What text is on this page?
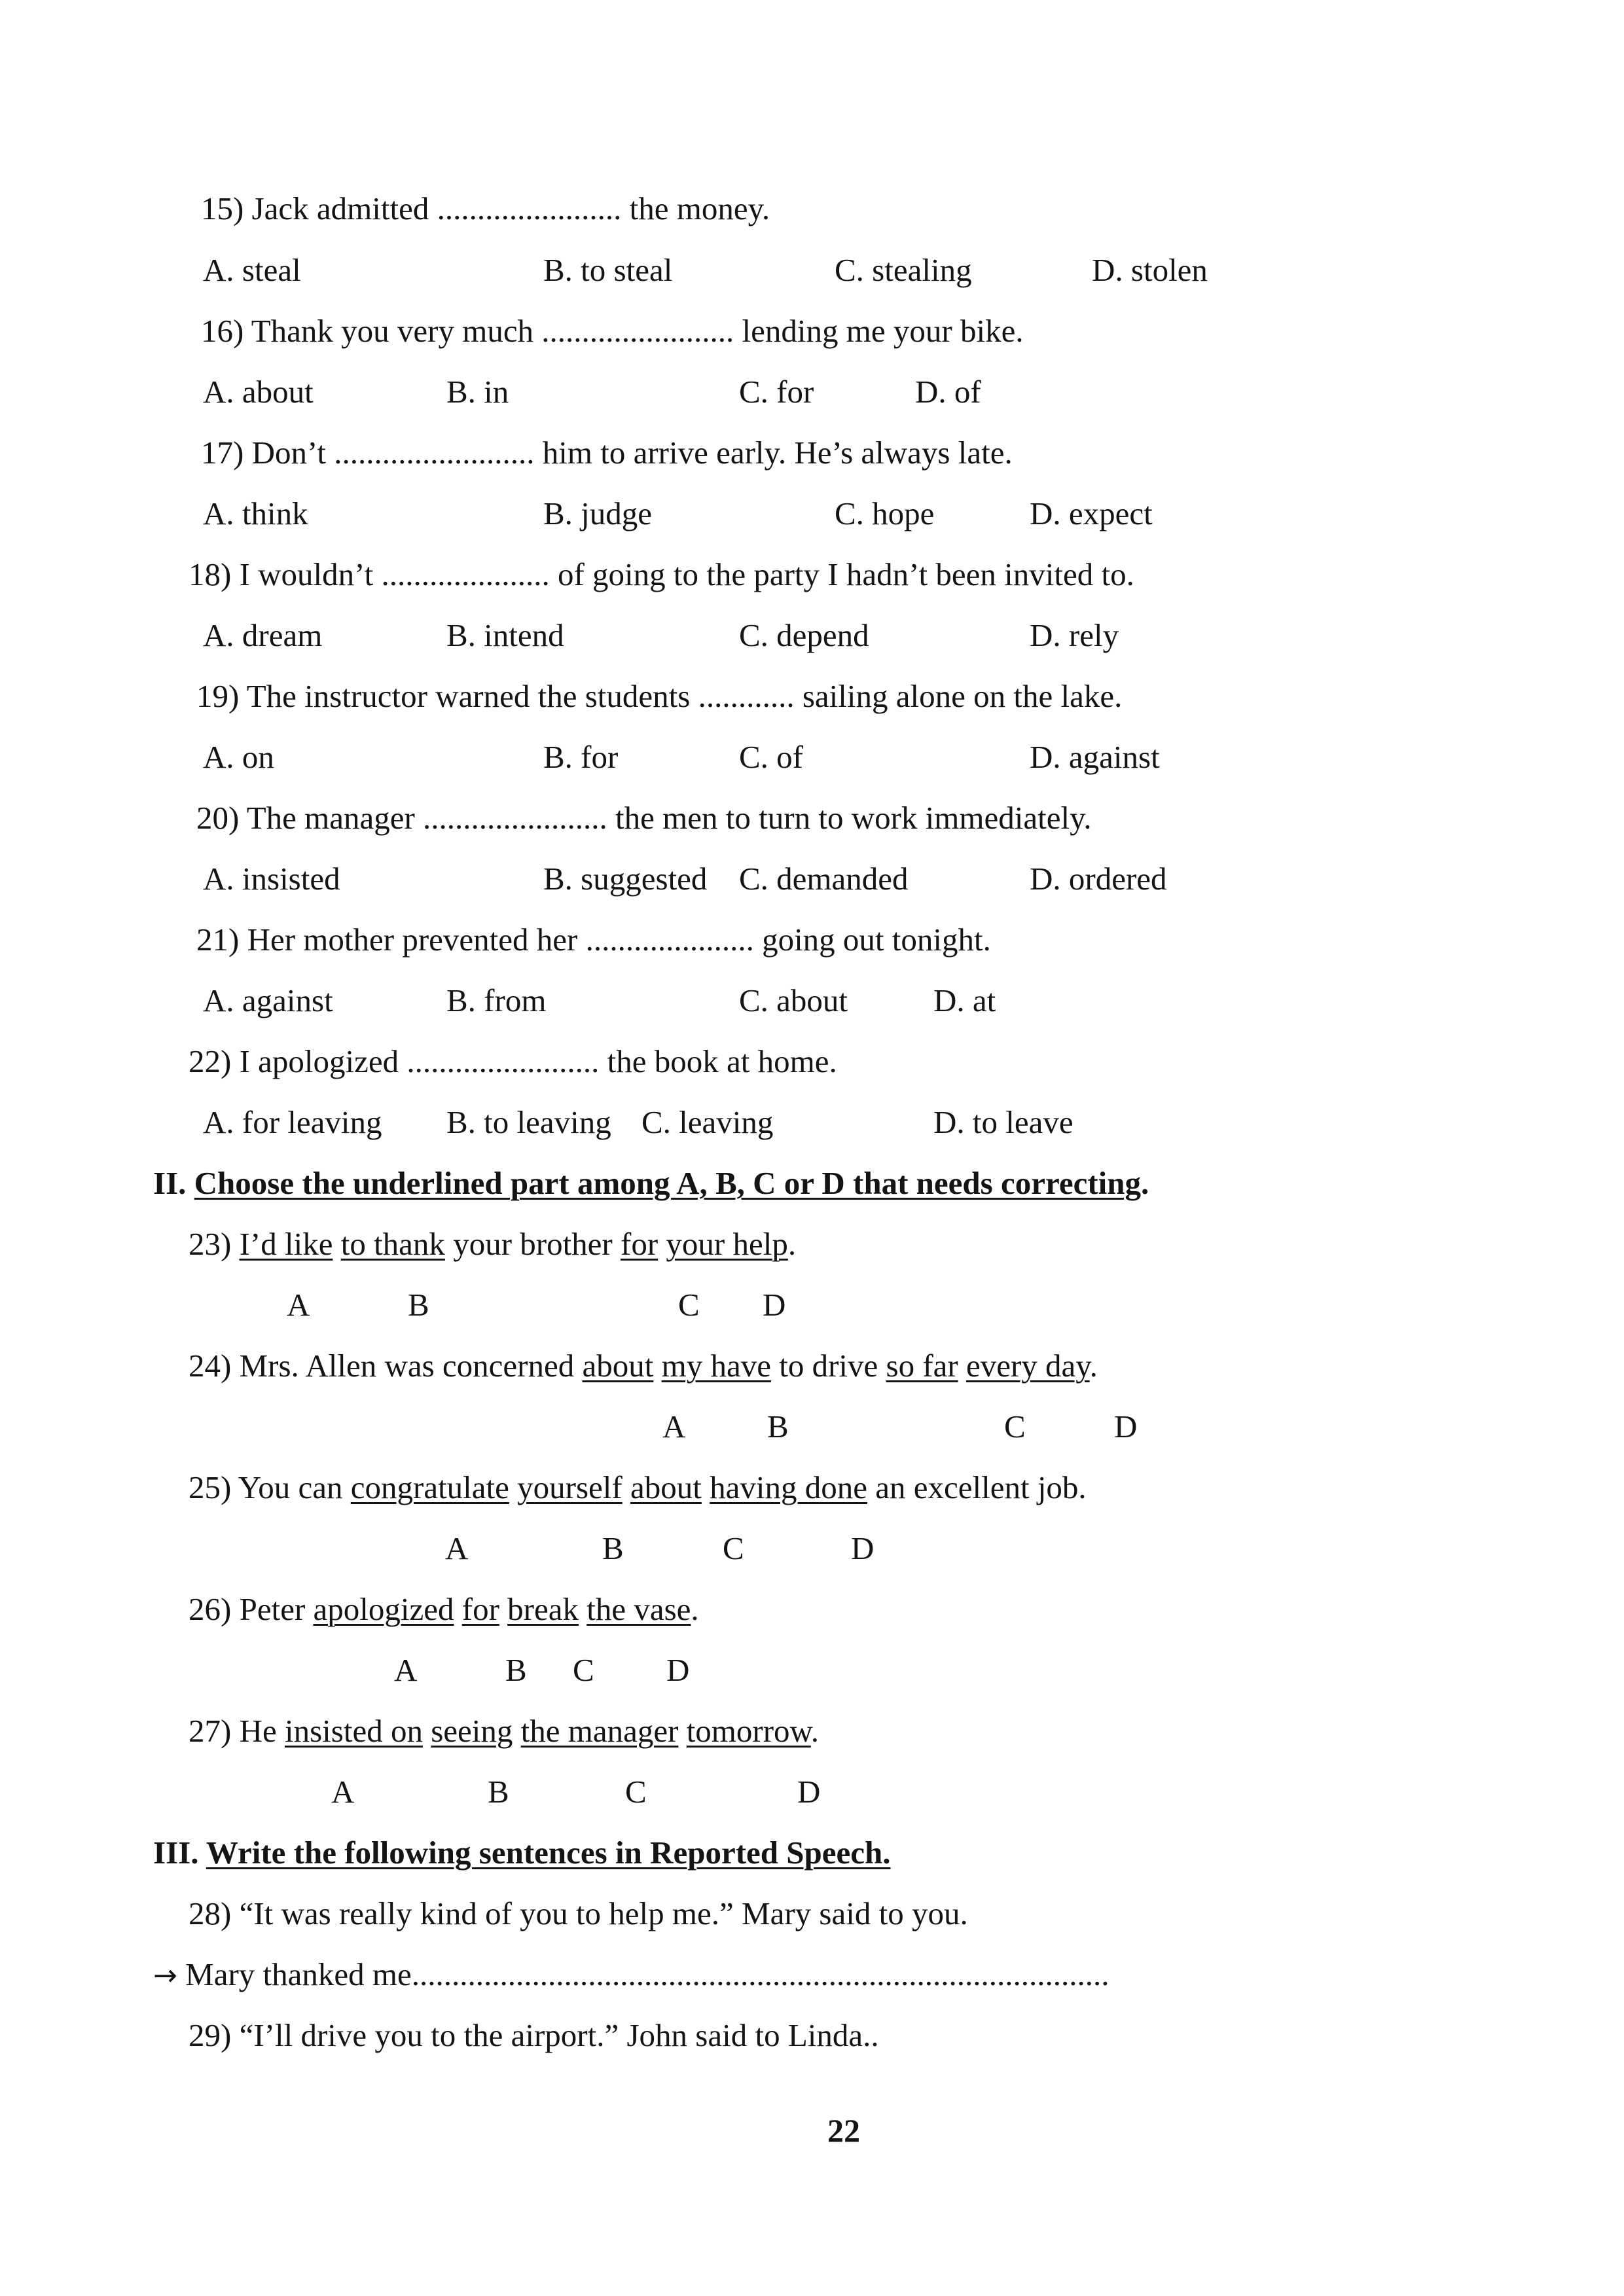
15) Jack admitted ....................... the money.
A. steal	B. to steal	C. stealing	D. stolen
16) Thank you very much ........................ lending me your bike.
A. about	B. in	C. for	D. of
17) Don’t ......................... him to arrive early. He’s always late.
A. think	B. judge	C. hope	D. expect
18) I wouldn’t ..................... of going to the party I hadn’t been invited to.
A. dream	B. intend	C. depend	D. rely
19) The instructor warned the students ............ sailing alone on the lake.
A. on	B. for	C. of	D. against
20) The manager ....................... the men to turn to work immediately.
A. insisted	B. suggested C. demanded	D. ordered
21) Her mother prevented her ..................... going out tonight.
A. against	B. from	C. about	D. at
22) I apologized ........................ the book at home.
A. for leaving B. to leaving C. leaving	D. to leave
II. Choose the underlined part among A, B, C or D that needs correcting.
23) I’d like to thank your brother for your help.
A	B	C D
24) Mrs. Allen was concerned about my have to drive so far every day.
A	B	C	D
25) You can congratulate yourself about having done an excellent job.
A	B	C	D
26) Peter apologized for break the vase.
A	B C D
27) He insisted on seeing the manager tomorrow.
A	B	C	D
III. Write the following sentences in Reported Speech.
28) “It was really kind of you to help me.” Mary said to you.
→ Mary thanked me.......................................................................................
29) “I’ll drive you to the airport.” John said to Linda..
22
